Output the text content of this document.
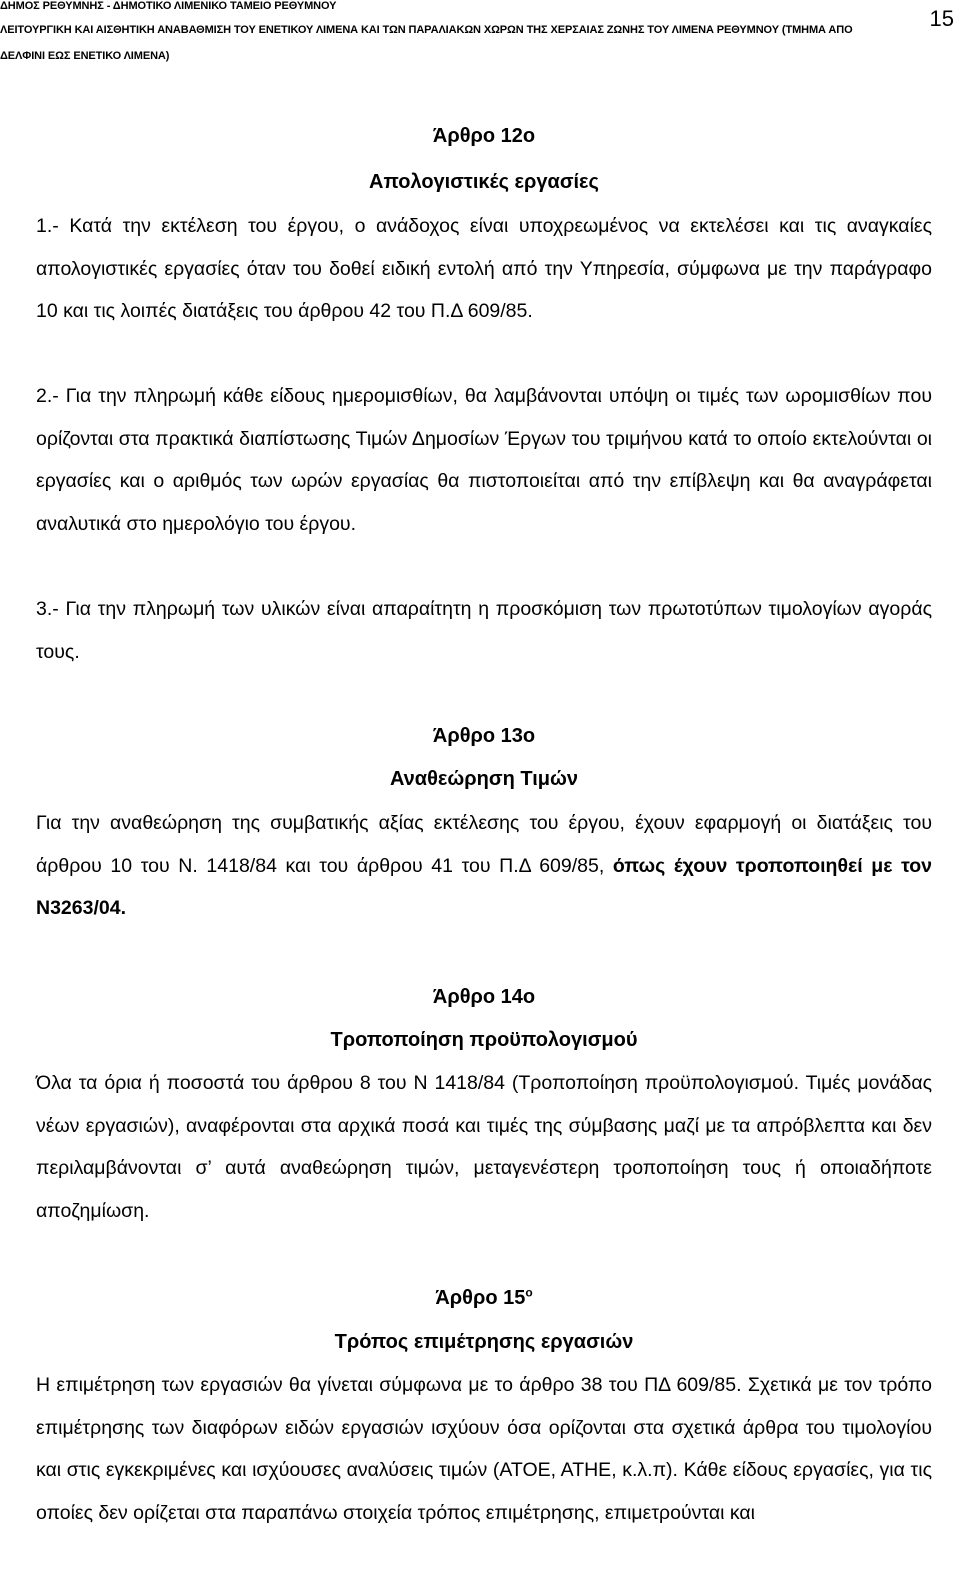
ΔΗΜΟΣ ΡΕΘΥΜΝΗΣ - ΔΗΜΟΤΙΚΟ ΛΙΜΕΝΙΚΟ ΤΑΜΕΙΟ ΡΕΘΥΜΝΟΥ
ΛΕΙΤΟΥΡΓΙΚΗ ΚΑΙ ΑΙΣΘΗΤΙΚΗ ΑΝΑΒΑΘΜΙΣΗ ΤΟΥ ΕΝΕΤΙΚΟΥ ΛΙΜΕΝΑ ΚΑΙ ΤΩΝ ΠΑΡΑΛΙΑΚΩΝ ΧΩΡΩΝ ΤΗΣ ΧΕΡΣΑΙΑΣ ΖΩΝΗΣ ΤΟΥ ΛΙΜΕΝΑ ΡΕΘΥΜΝΟΥ (ΤΜΗΜΑ ΑΠΟ
ΔΕΛΦΙΝΙ ΕΩΣ ΕΝΕΤΙΚΟ ΛΙΜΕΝΑ)
15
Άρθρο 12ο
Απολογιστικές εργασίες
1.- Κατά την εκτέλεση του έργου, ο ανάδοχος είναι υποχρεωμένος να εκτελέσει και τις αναγκαίες απολογιστικές εργασίες όταν του δοθεί ειδική εντολή από την Υπηρεσία, σύμφωνα με την παράγραφο 10 και τις λοιπές διατάξεις του άρθρου 42 του Π.Δ 609/85.
2.- Για την πληρωμή κάθε είδους ημερομισθίων, θα λαμβάνονται υπόψη οι τιμές των ωρομισθίων που ορίζονται στα πρακτικά διαπίστωσης Τιμών Δημοσίων Έργων του τριμήνου κατά το οποίο εκτελούνται οι εργασίες και ο αριθμός των ωρών εργασίας θα πιστοποιείται από την επίβλεψη και θα αναγράφεται αναλυτικά στο ημερολόγιο του έργου.
3.- Για την πληρωμή των υλικών είναι απαραίτητη η προσκόμιση των πρωτοτύπων τιμολογίων αγοράς τους.
Άρθρο 13ο
Αναθεώρηση Τιμών
Για την αναθεώρηση της συμβατικής αξίας εκτέλεσης του έργου, έχουν εφαρμογή οι διατάξεις του άρθρου 10 του Ν. 1418/84 και του άρθρου 41 του Π.Δ 609/85, όπως έχουν τροποποιηθεί με τον Ν3263/04.
Άρθρο 14ο
Τροποποίηση προϋπολογισμού
Όλα τα όρια ή ποσοστά του άρθρου 8 του Ν 1418/84 (Τροποποίηση προϋπολογισμού. Τιμές μονάδας νέων εργασιών), αναφέρονται στα αρχικά ποσά και τιμές της σύμβασης μαζί με τα απρόβλεπτα και δεν περιλαμβάνονται σ’ αυτά αναθεώρηση τιμών, μεταγενέστερη τροποποίηση τους ή οποιαδήποτε αποζημίωση.
Άρθρο $15^o$
Τρόπος επιμέτρησης εργασιών
Η επιμέτρηση των εργασιών θα γίνεται σύμφωνα με το άρθρο 38 του ΠΔ 609/85. Σχετικά με τον τρόπο επιμέτρησης των διαφόρων ειδών εργασιών ισχύουν όσα ορίζονται στα σχετικά άρθρα του τιμολογίου και στις εγκεκριμένες και ισχύουσες αναλύσεις τιμών (ΑΤΟΕ, ΑΤΗΕ, κ.λ.π). Κάθε είδους εργασίες, για τις οποίες δεν ορίζεται στα παραπάνω στοιχεία τρόπος επιμέτρησης, επιμετρούνται και
